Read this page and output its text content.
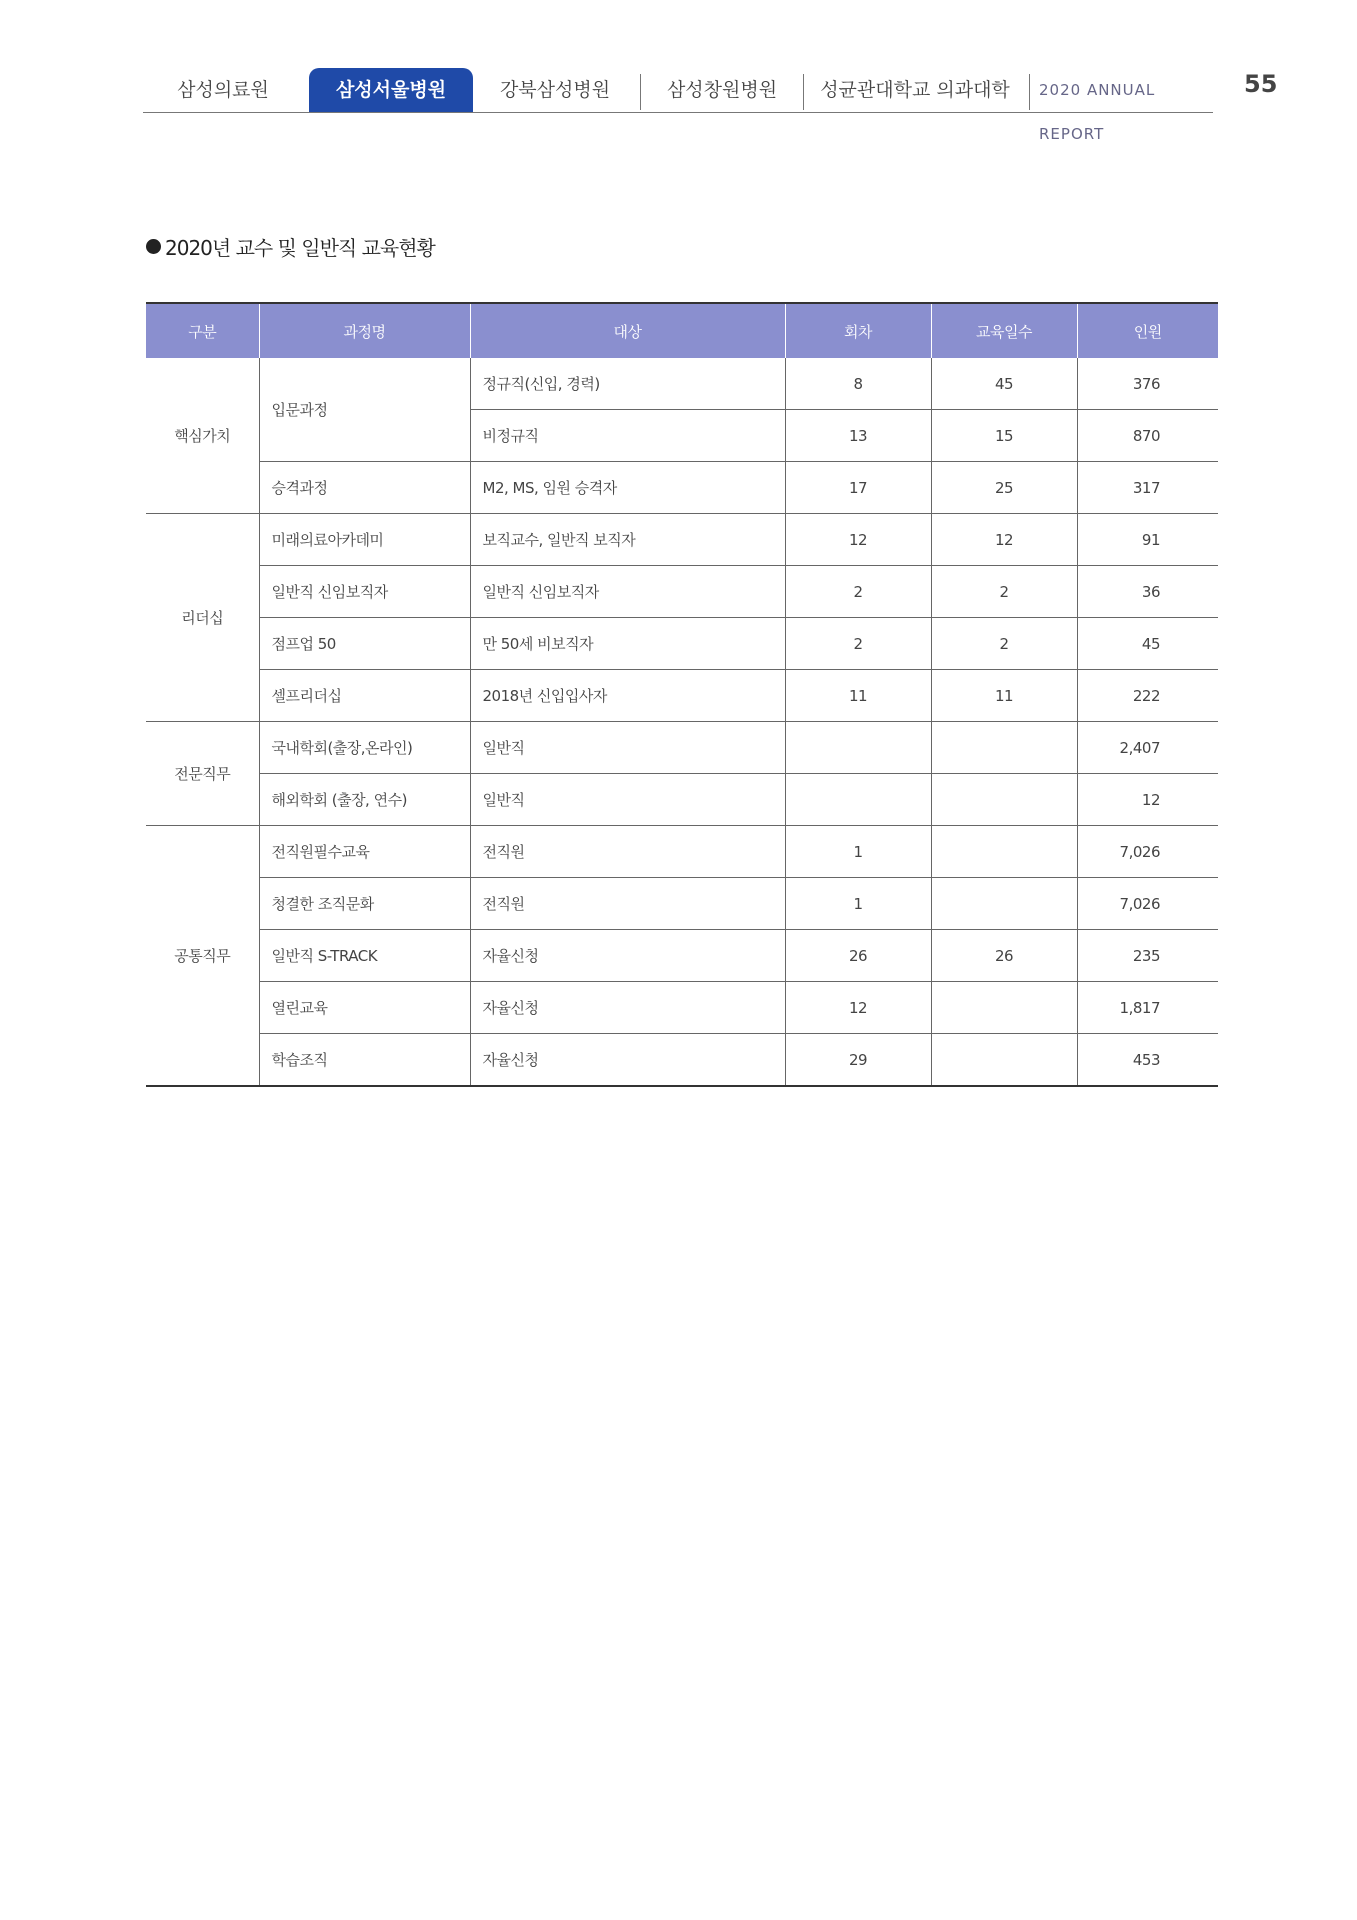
삼성의료원	삼성서울병원	강북삼성병원	삼성창원병원	성균관대학교 의과대학	2020 ANNUAL REPORT
55
2020년 교수 및 일반직 교육현황
구분	과정명	대상	회차	교육일수	인원
핵심가치	입문과정	정규직(신입, 경력)	8	45	376
		비정규직	13	15	870
	승격과정	M2, MS, 임원 승격자	17	25	317
리더십	미래의료아카데미	보직교수, 일반직 보직자	12	12	91
	일반직 신임보직자	일반직 신임보직자	2	2	36
	점프업 50	만 50세 비보직자	2	2	45
	셀프리더십	2018년 신입입사자	11	11	222
전문직무	국내학회(출장,온라인)	일반직			2,407
	해외학회 (출장, 연수)	일반직			12
공통직무	전직원필수교육	전직원	1		7,026
	청결한 조직문화	전직원	1		7,026
	일반직 S-TRACK	자율신청	26	26	235
	열린교육	자율신청	12		1,817
	학습조직	자율신청	29		453
